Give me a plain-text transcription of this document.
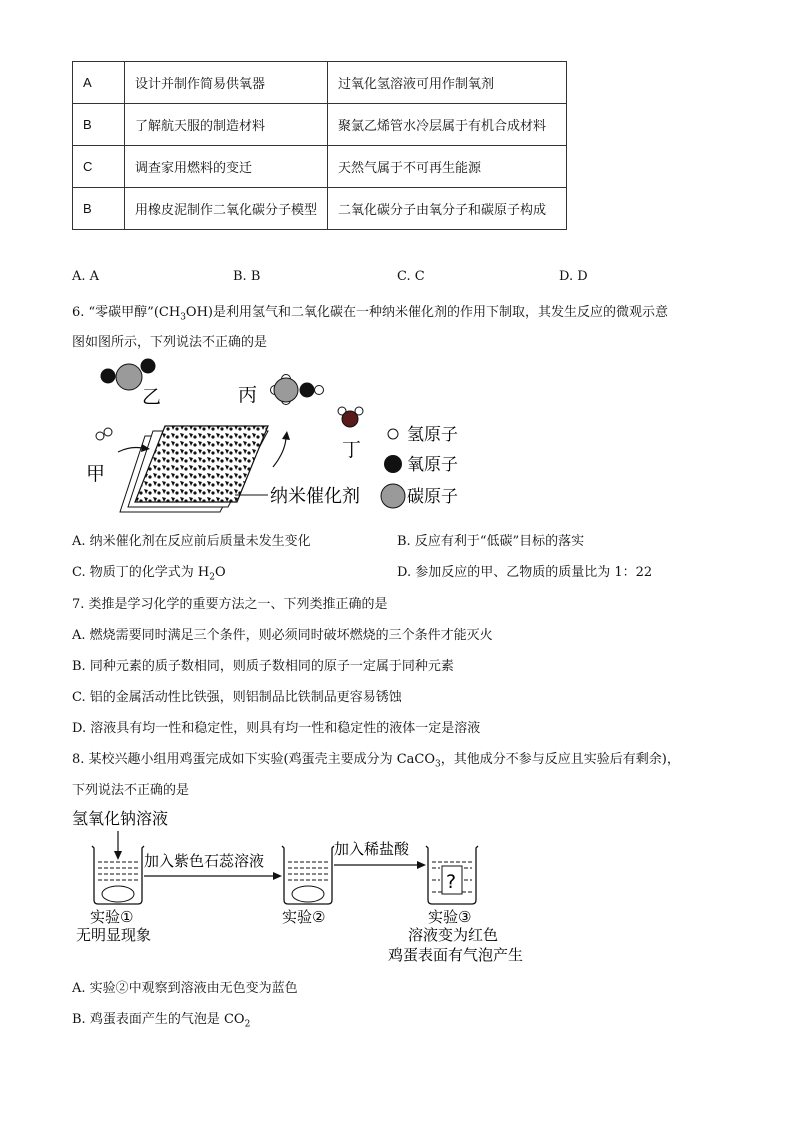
A	设计并制作简易供氧器	过氧化氢溶液可用作制氧剂
B	了解航天服的制造材料	聚氯乙烯管水冷层属于有机合成材料
C	调查家用燃料的变迁	天然气属于不可再生能源
B	用橡皮泥制作二氧化碳分子模型	二氧化碳分子由氧分子和碳原子构成
A. A	B. B	C. C	D. D
6. “零碳甲醇$”(CH_3OH)$是利用氢气和二氧化碳在一种纳米催化剂的作用下制取，其发生反应的微观示意
图如图所示，下列说法不正确的是
乙	丙
丁
甲
纳米催化剂
氢原子
氧原子
碳原子
A. 纳米催化剂在反应前后质量未发生变化	B. 反应有利于“低碳”目标的落实
C. 物质丁的化学式为 $H_2O$	D. 参加反应的甲、乙物质的质量比为 1：22
7. 类推是学习化学的重要方法之一、下列类推正确的是
A. 燃烧需要同时满足三个条件，则必须同时破坏燃烧的三个条件才能灭火
B. 同种元素的质子数相同，则质子数相同的原子一定属于同种元素
C. 铝的金属活动性比铁强，则铝制品比铁制品更容易锈蚀
D. 溶液具有均一性和稳定性，则具有均一性和稳定性的液体一定是溶液
8. 某校兴趣小组用鸡蛋完成如下实验(鸡蛋壳主要成分为 CaCO$_3$，其他成分不参与反应且实验后有剩余)，
下列说法不正确的是
氢氧化钠溶液
加入紫色石蕊溶液
加入稀盐酸
?
实验①
无明显现象
实验②	实验③
溶液变为红色
鸡蛋表面有气泡产生
A. 实验②中观察到溶液由无色变为蓝色
B. 鸡蛋表面产生的气泡是 $CO_2$
